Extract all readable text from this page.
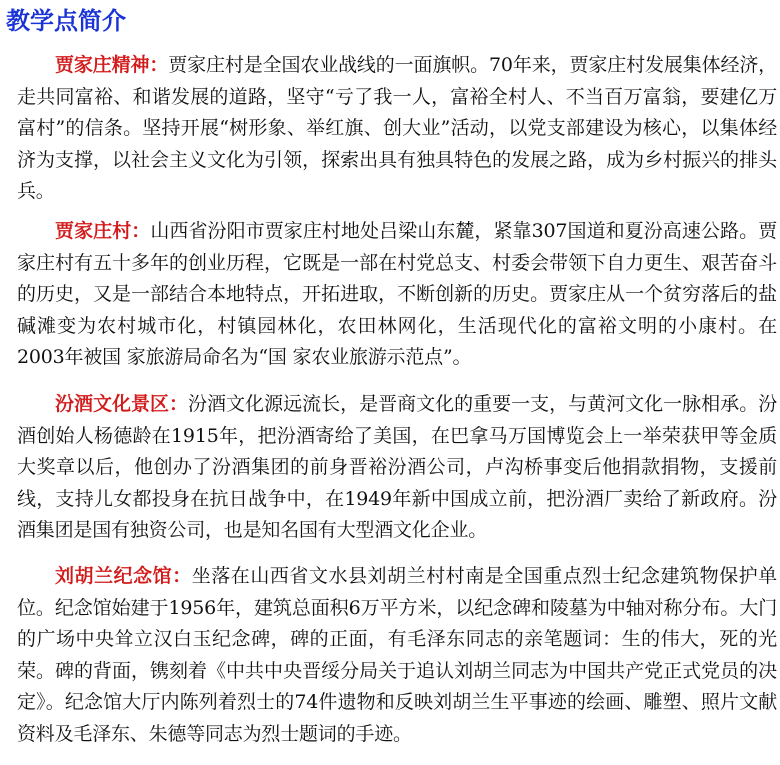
教学点简介

贾家庄精神：贾家庄村是全国农业战线的一面旗帜。70年来，贾家庄村发展集体经济，走共同富裕、和谐发展的道路，坚守“亏了我一人，富裕全村人、不当百万富翁，要建亿万富村”的信条。坚持开展“树形象、举红旗、创大业”活动，以党支部建设为核心，以集体经济为支撑，以社会主义文化为引领，探索出具有独具特色的发展之路，成为乡村振兴的排头兵。

贾家庄村：山西省汾阳市贾家庄村地处吕梁山东麓，紧靠307国道和夏汾高速公路。贾家庄村有五十多年的创业历程，它既是一部在村党总支、村委会带领下自力更生、艰苦奋斗的历史，又是一部结合本地特点，开拓进取，不断创新的历史。贾家庄从一个贫穷落后的盐碱滩变为农村城市化，村镇园林化，农田林网化，生活现代化的富裕文明的小康村。在2003年被国 家旅游局命名为“国 家农业旅游示范点”。

汾酒文化景区：汾酒文化源远流长，是晋商文化的重要一支，与黄河文化一脉相承。汾酒创始人杨德龄在1915年，把汾酒寄给了美国，在巴拿马万国博览会上一举荣获甲等金质大奖章以后，他创办了汾酒集团的前身晋裕汾酒公司，卢沟桥事变后他捐款捐物，支援前线，支持儿女都投身在抗日战争中，在1949年新中国成立前，把汾酒厂卖给了新政府。汾酒集团是国有独资公司，也是知名国有大型酒文化企业。

刘胡兰纪念馆：坐落在山西省文水县刘胡兰村村南是全国重点烈士纪念建筑物保护单位。纪念馆始建于1956年，建筑总面积6万平方米，以纪念碑和陵墓为中轴对称分布。大门的广场中央耸立汉白玉纪念碑，碑的正面，有毛泽东同志的亲笔题词：生的伟大，死的光荣。碑的背面，镌刻着《中共中央晋绥分局关于追认刘胡兰同志为中国共产党正式党员的决定》。纪念馆大厅内陈列着烈士的74件遗物和反映刘胡兰生平事迹的绘画、雕塑、照片文献资料及毛泽东、朱德等同志为烈士题词的手迹。
